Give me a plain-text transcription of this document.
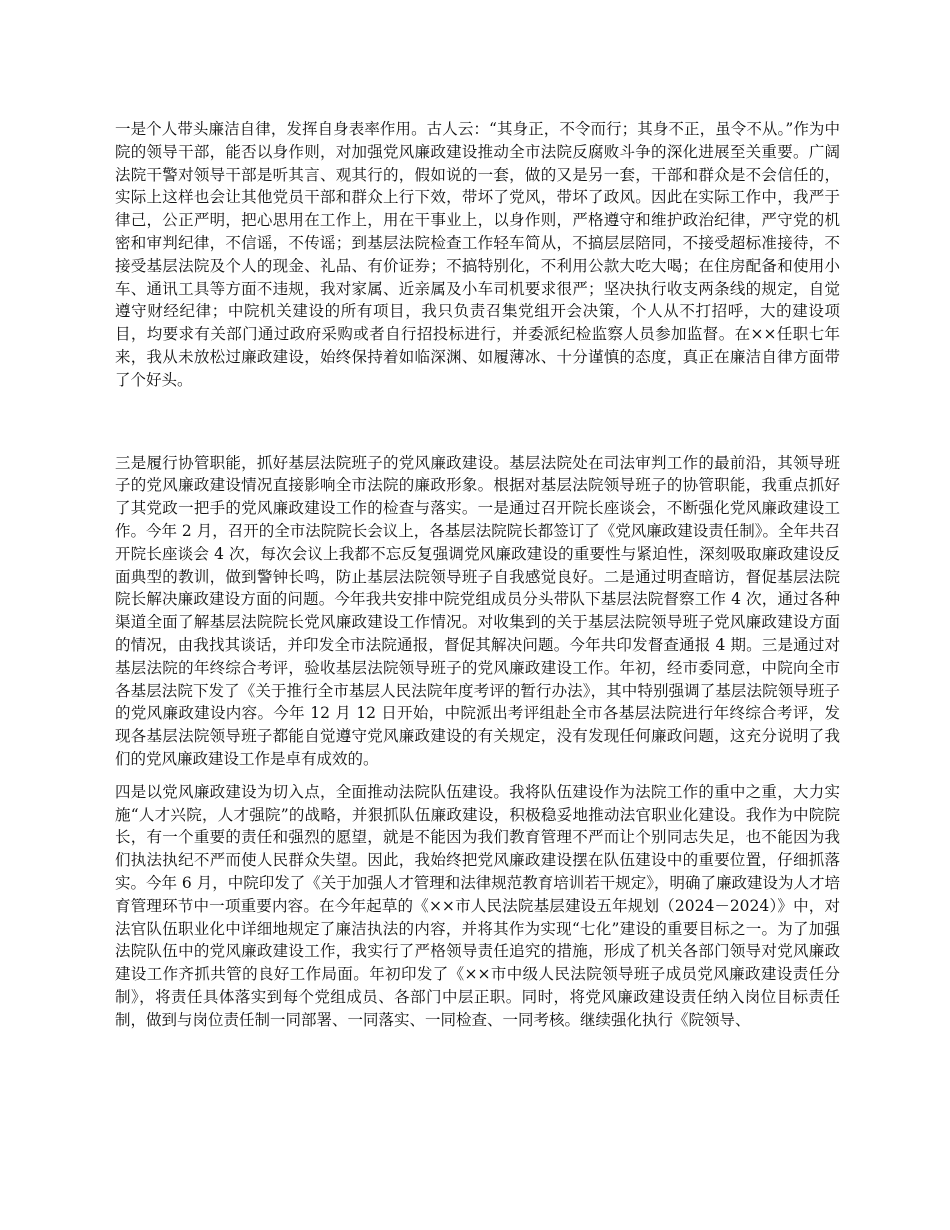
一是个人带头廉洁自律，发挥自身表率作用。古人云：“其身正，不令而行；其身不正，虽令不从。”作为中院的领导干部，能否以身作则，对加强党风廉政建设推动全市法院反腐败斗争的深化进展至关重要。广阔法院干警对领导干部是听其言、观其行的，假如说的一套，做的又是另一套，干部和群众是不会信任的，实际上这样也会让其他党员干部和群众上行下效，带坏了党风，带坏了政风。因此在实际工作中，我严于律己，公正严明，把心思用在工作上，用在干事业上，以身作则，严格遵守和维护政治纪律，严守党的机密和审判纪律，不信谣，不传谣；到基层法院检查工作轻车简从，不搞层层陪同，不接受超标准接待，不接受基层法院及个人的现金、礼品、有价证券；不搞特别化，不利用公款大吃大喝；在住房配备和使用小车、通讯工具等方面不违规，我对家属、近亲属及小车司机要求很严；坚决执行收支两条线的规定，自觉遵守财经纪律；中院机关建设的所有项目，我只负责召集党组开会决策，个人从不打招呼，大的建设项目，均要求有关部门通过政府采购或者自行招投标进行，并委派纪检监察人员参加监督。在××任职七年来，我从未放松过廉政建设，始终保持着如临深渊、如履薄冰、十分谨慎的态度，真正在廉洁自律方面带了个好头。

三是履行协管职能，抓好基层法院班子的党风廉政建设。基层法院处在司法审判工作的最前沿，其领导班子的党风廉政建设情况直接影响全市法院的廉政形象。根据对基层法院领导班子的协管职能，我重点抓好了其党政一把手的党风廉政建设工作的检查与落实。一是通过召开院长座谈会，不断强化党风廉政建设工作。今年 2 月，召开的全市法院院长会议上，各基层法院院长都签订了《党风廉政建设责任制》。全年共召开院长座谈会 4 次，每次会议上我都不忘反复强调党风廉政建设的重要性与紧迫性，深刻吸取廉政建设反面典型的教训，做到警钟长鸣，防止基层法院领导班子自我感觉良好。二是通过明查暗访，督促基层法院院长解决廉政建设方面的问题。今年我共安排中院党组成员分头带队下基层法院督察工作 4 次，通过各种渠道全面了解基层法院院长党风廉政建设工作情况。对收集到的关于基层法院领导班子党风廉政建设方面的情况，由我找其谈话，并印发全市法院通报，督促其解决问题。今年共印发督查通报 4 期。三是通过对基层法院的年终综合考评，验收基层法院领导班子的党风廉政建设工作。年初，经市委同意，中院向全市各基层法院下发了《关于推行全市基层人民法院年度考评的暂行办法》，其中特别强调了基层法院领导班子的党风廉政建设内容。今年 12 月 12 日开始，中院派出考评组赴全市各基层法院进行年终综合考评，发现各基层法院领导班子都能自觉遵守党风廉政建设的有关规定，没有发现任何廉政问题，这充分说明了我们的党风廉政建设工作是卓有成效的。

四是以党风廉政建设为切入点，全面推动法院队伍建设。我将队伍建设作为法院工作的重中之重，大力实施“人才兴院，人才强院”的战略，并狠抓队伍廉政建设，积极稳妥地推动法官职业化建设。我作为中院院长，有一个重要的责任和强烈的愿望，就是不能因为我们教育管理不严而让个别同志失足，也不能因为我们执法执纪不严而使人民群众失望。因此，我始终把党风廉政建设摆在队伍建设中的重要位置，仔细抓落实。今年 6 月，中院印发了《关于加强人才管理和法律规范教育培训若干规定》，明确了廉政建设为人才培育管理环节中一项重要内容。在今年起草的《××市人民法院基层建设五年规划（2024－2024）》中，对法官队伍职业化中详细地规定了廉洁执法的内容，并将其作为实现“七化”建设的重要目标之一。为了加强法院队伍中的党风廉政建设工作，我实行了严格领导责任追究的措施，形成了机关各部门领导对党风廉政建设工作齐抓共管的良好工作局面。年初印发了《××市中级人民法院领导班子成员党风廉政建设责任分制》，将责任具体落实到每个党组成员、各部门中层正职。同时，将党风廉政建设责任纳入岗位目标责任制，做到与岗位责任制一同部署、一同落实、一同检查、一同考核。继续强化执行《院领导、
